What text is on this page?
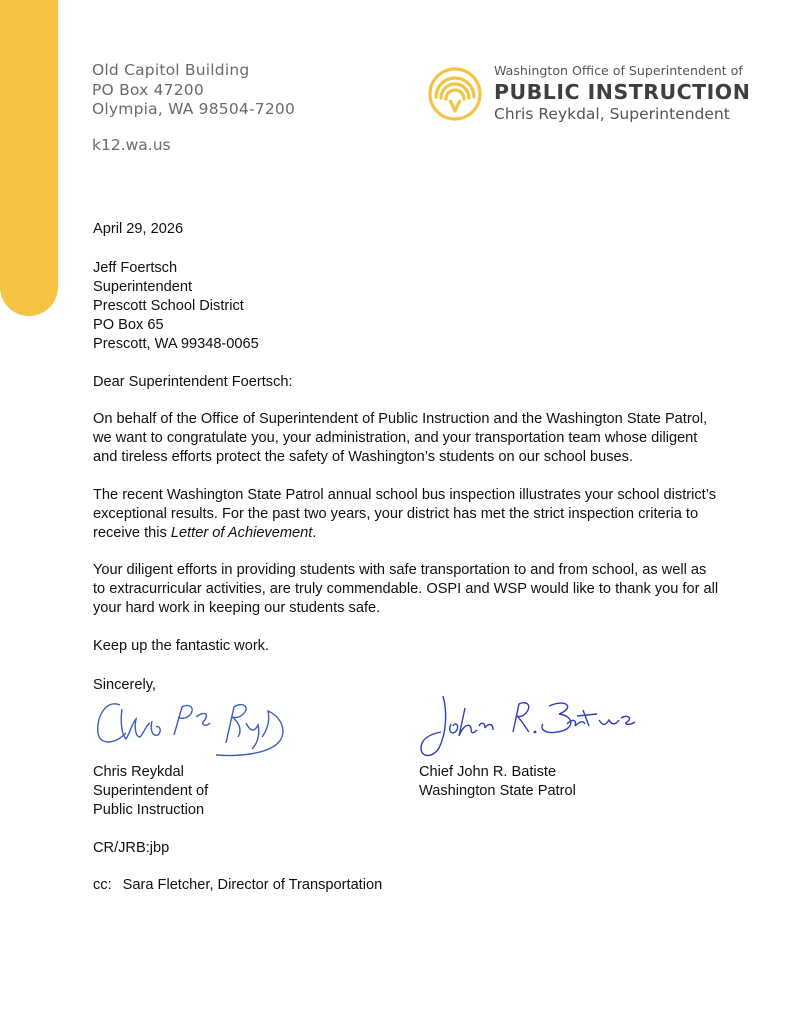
Old Capitol Building
PO Box 47200
Olympia, WA 98504-7200
k12.wa.us
Washington Office of Superintendent of
PUBLIC INSTRUCTION
Chris Reykdal, Superintendent
April 29, 2026
Jeff Foertsch
Superintendent
Prescott School District
PO Box 65
Prescott, WA 99348-0065
Dear Superintendent Foertsch:
On behalf of the Office of Superintendent of Public Instruction and the Washington State Patrol,
we want to congratulate you, your administration, and your transportation team whose diligent
and tireless efforts protect the safety of Washington’s students on our school buses.
The recent Washington State Patrol annual school bus inspection illustrates your school district’s
exceptional results. For the past two years, your district has met the strict inspection criteria to
receive this Letter of Achievement.
Your diligent efforts in providing students with safe transportation to and from school, as well as
to extracurricular activities, are truly commendable. OSPI and WSP would like to thank you for all
your hard work in keeping our students safe.
Keep up the fantastic work.
Sincerely,
Chris Reykdal
Superintendent of
Public Instruction
Chief John R. Batiste
Washington State Patrol
CR/JRB:jbp
cc: Sara Fletcher, Director of Transportation
